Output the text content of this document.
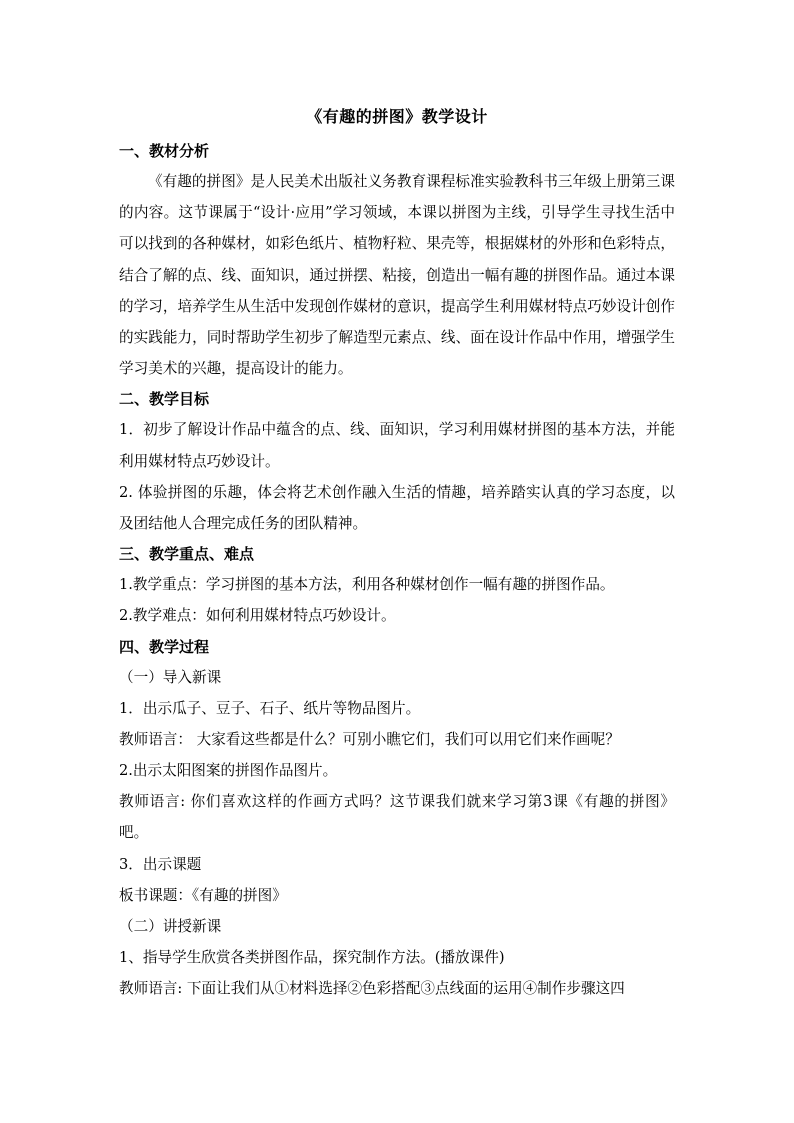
《有趣的拼图》教学设计

一、教材分析

《有趣的拼图》是人民美术出版社义务教育课程标准实验教科书三年级上册第三课的内容。这节课属于“设计·应用”学习领域，本课以拼图为主线，引导学生寻找生活中可以找到的各种媒材，如彩色纸片、植物籽粒、果壳等，根据媒材的外形和色彩特点，结合了解的点、线、面知识，通过拼摆、粘接，创造出一幅有趣的拼图作品。通过本课的学习，培养学生从生活中发现创作媒材的意识，提高学生利用媒材特点巧妙设计创作的实践能力，同时帮助学生初步了解造型元素点、线、面在设计作品中作用，增强学生学习美术的兴趣，提高设计的能力。

二、教学目标

1．初步了解设计作品中蕴含的点、线、面知识，学习利用媒材拼图的基本方法，并能利用媒材特点巧妙设计。

2. 体验拼图的乐趣，体会将艺术创作融入生活的情趣，培养踏实认真的学习态度，以及团结他人合理完成任务的团队精神。

三、教学重点、难点

1.教学重点：学习拼图的基本方法，利用各种媒材创作一幅有趣的拼图作品。

2.教学难点：如何利用媒材特点巧妙设计。

四、教学过程

（一）导入新课

1．出示瓜子、豆子、石子、纸片等物品图片。

教师语言： 大家看这些都是什么？可别小瞧它们，我们可以用它们来作画呢？

2.出示太阳图案的拼图作品图片。

教师语言: 你们喜欢这样的作画方式吗？这节课我们就来学习第3课《有趣的拼图》吧。

3．出示课题

板书课题：《有趣的拼图》

（二）讲授新课

1、指导学生欣赏各类拼图作品，探究制作方法。(播放课件)

教师语言: 下面让我们从①材料选择②色彩搭配③点线面的运用④制作步骤这四
